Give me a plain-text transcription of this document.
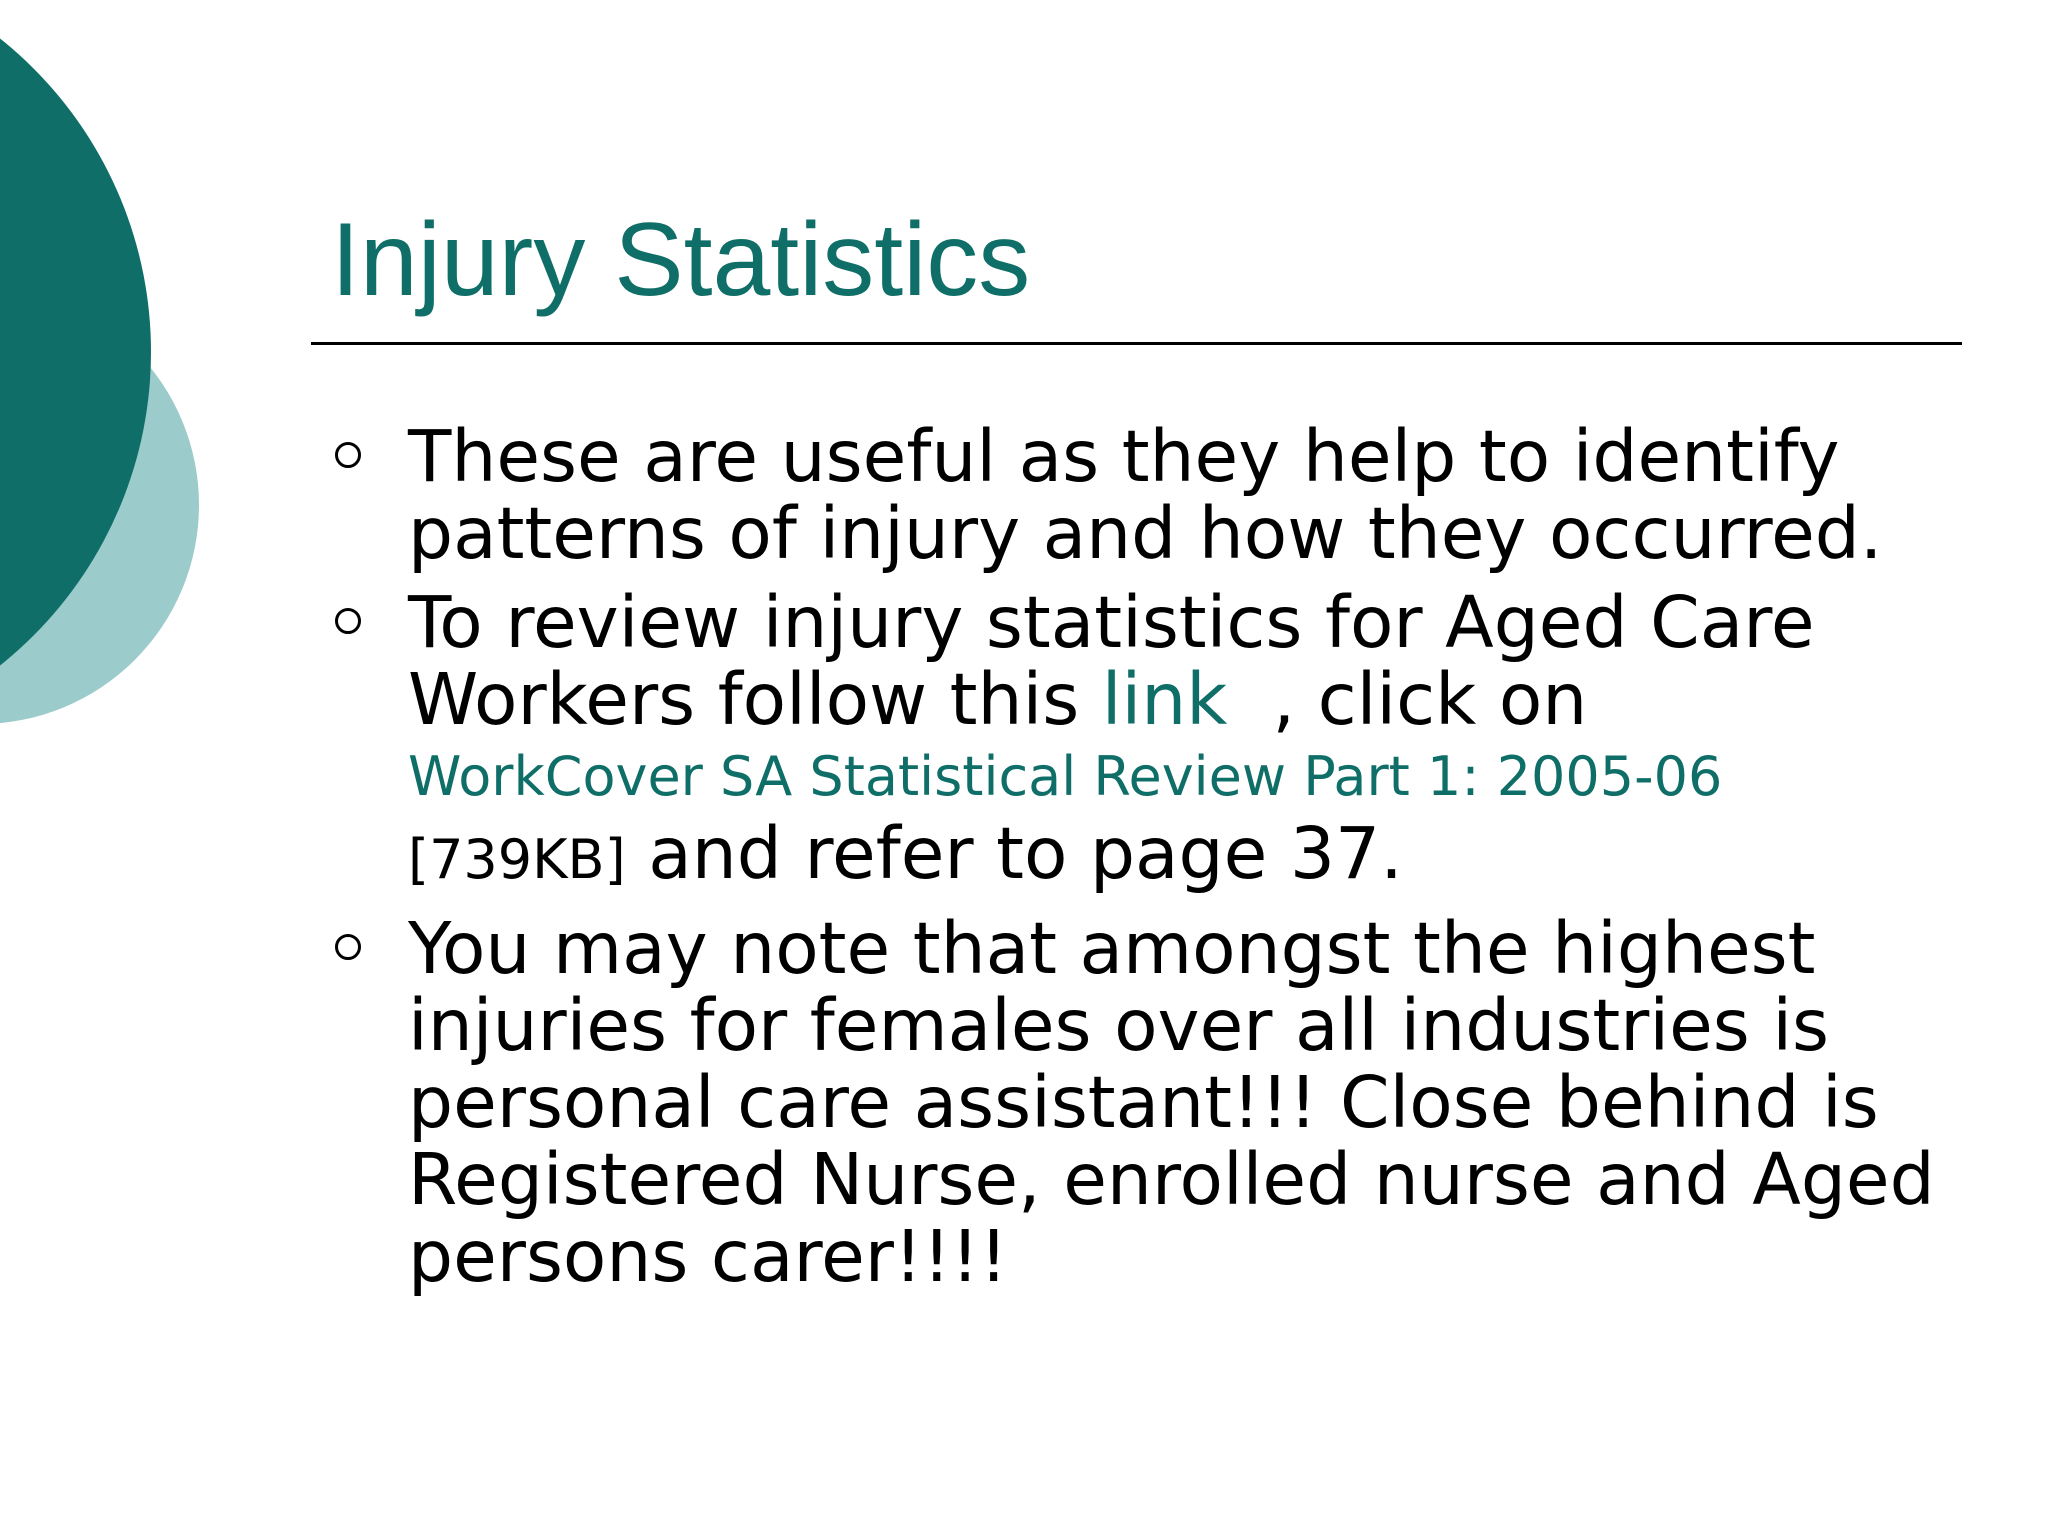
Injury Statistics
These are useful as they help to identify patterns of injury and how they occurred.
To review injury statistics for Aged Care Workers follow this link  , click on
WorkCover SA Statistical Review Part 1: 2005-06
[739KB] and refer to page 37.
You may note that amongst the highest injuries for females over all industries is personal care assistant!!! Close behind is Registered Nurse, enrolled nurse and Aged persons carer!!!!
